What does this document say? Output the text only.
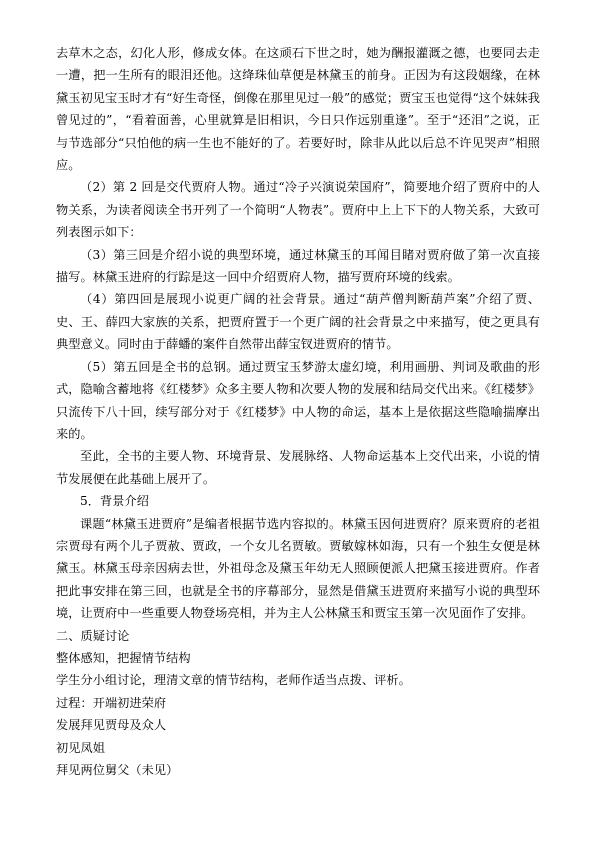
去草木之态，幻化人形，修成女体。在这顽石下世之时，她为酬报灌溉之德，也要同去走一遭，把一生所有的眼泪还他。这绛珠仙草便是林黛玉的前身。正因为有这段姻缘，在林黛玉初见宝玉时才有“好生奇怪，倒像在那里见过一般”的感觉；贾宝玉也觉得“这个妹妹我曾见过的”，“看着面善，心里就算是旧相识，今日只作远别重逢”。至于“还泪”之说，正与节选部分“只怕他的病一生也不能好的了。若要好时，除非从此以后总不许见哭声”相照应。

（2）第 2 回是交代贾府人物。通过“冷子兴演说荣国府”，简要地介绍了贾府中的人物关系，为读者阅读全书开列了一个简明“人物表”。贾府中上上下下的人物关系，大致可列表图示如下：

（3）第三回是介绍小说的典型环境，通过林黛玉的耳闻目睹对贾府做了第一次直接描写。林黛玉进府的行踪是这一回中介绍贾府人物，描写贾府环境的线索。

（4）第四回是展现小说更广阔的社会背景。通过“葫芦僧判断葫芦案”介绍了贾、史、王、薛四大家族的关系，把贾府置于一个更广阔的社会背景之中来描写，使之更具有典型意义。同时由于薛蟠的案件自然带出薛宝钗进贾府的情节。

（5）第五回是全书的总钢。通过贾宝玉梦游太虚幻境，利用画册、判词及歌曲的形式，隐喻含蓄地将《红楼梦》众多主要人物和次要人物的发展和结局交代出来。《红楼梦》只流传下八十回，续写部分对于《红楼梦》中人物的命运，基本上是依据这些隐喻揣摩出来的。

至此，全书的主要人物、环境背景、发展脉络、人物命运基本上交代出来，小说的情节发展便在此基础上展开了。

5．背景介绍

课题“林黛玉进贾府”是编者根据节选内容拟的。林黛玉因何进贾府？原来贾府的老祖宗贾母有两个儿子贾赦、贾政，一个女儿名贾敏。贾敏嫁林如海，只有一个独生女便是林黛玉。林黛玉母亲因病去世，外祖母念及黛玉年幼无人照顾便派人把黛玉接进贾府。作者把此事安排在第三回，也就是全书的序幕部分，显然是借黛玉进贾府来描写小说的典型环境，让贾府中一些重要人物登场亮相，并为主人公林黛玉和贾宝玉第一次见面作了安排。

二、质疑讨论

整体感知，把握情节结构

学生分小组讨论，理清文章的情节结构，老师作适当点拨、评析。

过程：开端初进荣府

发展拜见贾母及众人

初见凤姐

拜见两位舅父（未见）
